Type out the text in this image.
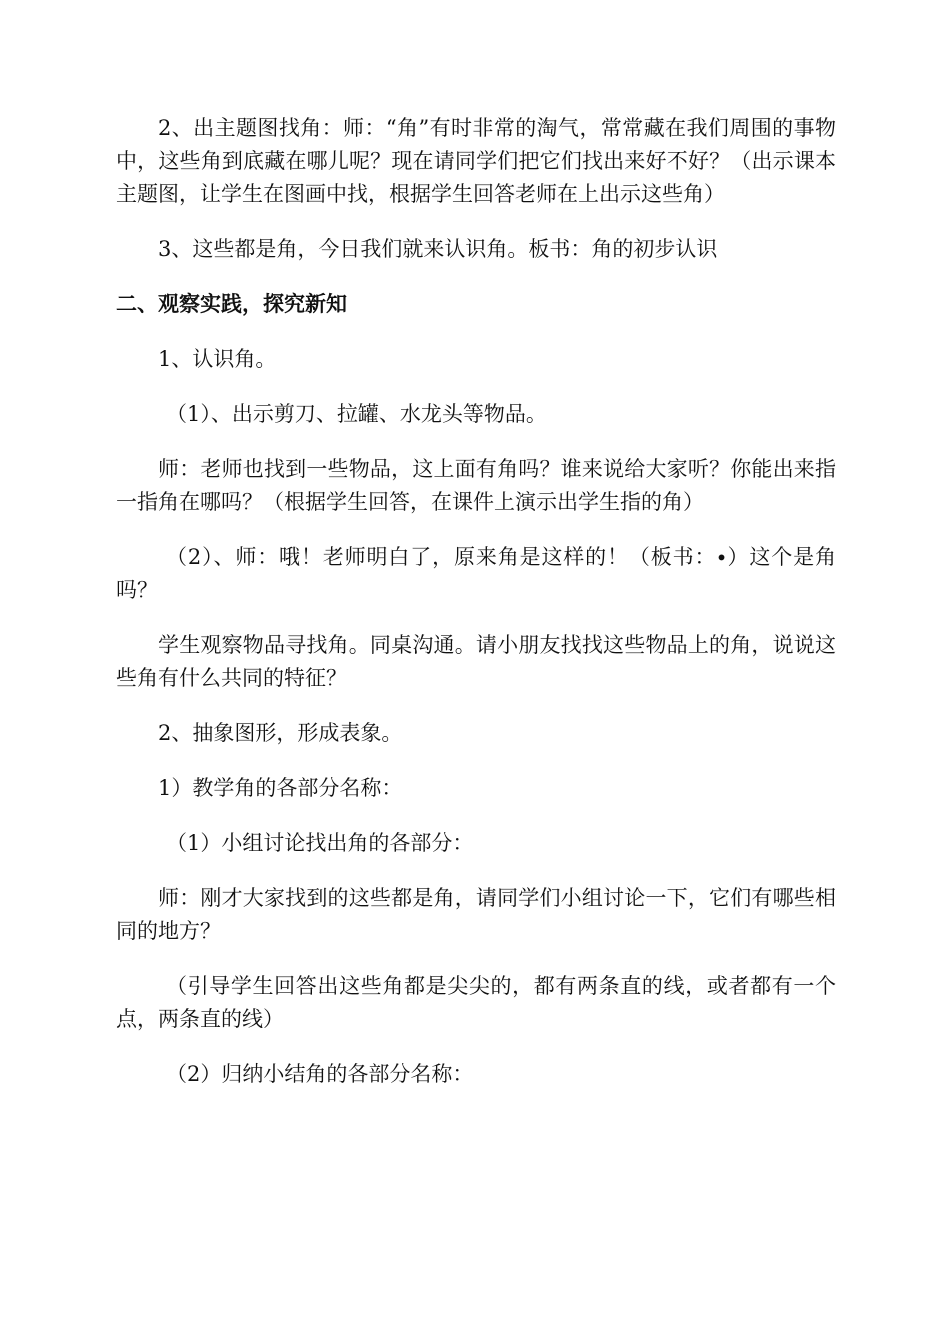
2、出主题图找角：师：“角”有时非常的淘气，常常藏在我们周围的事物中，这些角到底藏在哪儿呢？现在请同学们把它们找出来好不好？（出示课本主题图，让学生在图画中找，根据学生回答老师在上出示这些角）

3、这些都是角，今日我们就来认识角。板书：角的初步认识

二、观察实践，探究新知

1、认识角。

（1）、出示剪刀、拉罐、水龙头等物品。

师：老师也找到一些物品，这上面有角吗？谁来说给大家听？你能出来指一指角在哪吗？（根据学生回答，在课件上演示出学生指的角）

（2）、师：哦！老师明白了，原来角是这样的！（板书：∙）这个是角吗？

学生观察物品寻找角。同桌沟通。请小朋友找找这些物品上的角，说说这些角有什么共同的特征？

2、抽象图形，形成表象。

1）教学角的各部分名称：

（1）小组讨论找出角的各部分：

师：刚才大家找到的这些都是角，请同学们小组讨论一下，它们有哪些相同的地方？

（引导学生回答出这些角都是尖尖的，都有两条直的线，或者都有一个点，两条直的线）

（2）归纳小结角的各部分名称：
